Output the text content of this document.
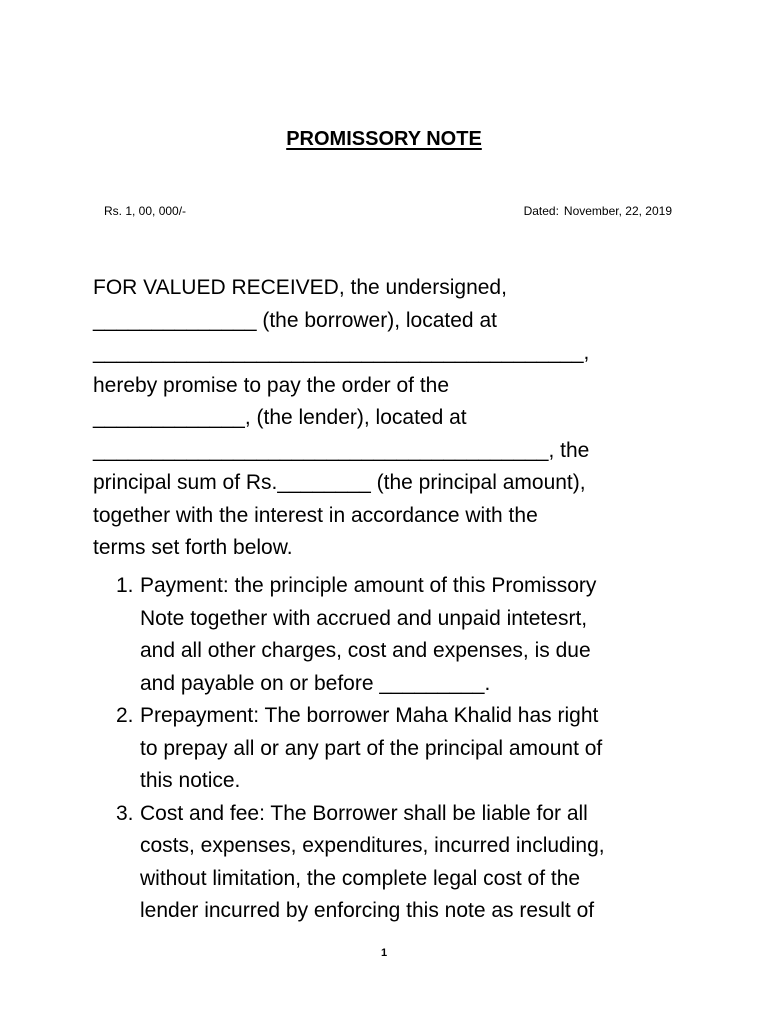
PROMISSORY NOTE
Rs. 1, 00, 000/-	Dated: November, 22, 2019
FOR VALUED RECEIVED, the undersigned,
______________ (the borrower), located at
__________________________________________,
hereby promise to pay the order of the
_____________, (the lender), located at
_______________________________________, the
principal sum of Rs.________ (the principal amount),
together with the interest in accordance with the
terms set forth below.
1. Payment: the principle amount of this Promissory
Note together with accrued and unpaid intetesrt,
and all other charges, cost and expenses, is due
and payable on or before _________.
2. Prepayment: The borrower Maha Khalid has right
to prepay all or any part of the principal amount of
this notice.
3. Cost and fee: The Borrower shall be liable for all
costs, expenses, expenditures, incurred including,
without limitation, the complete legal cost of the
lender incurred by enforcing this note as result of
1
